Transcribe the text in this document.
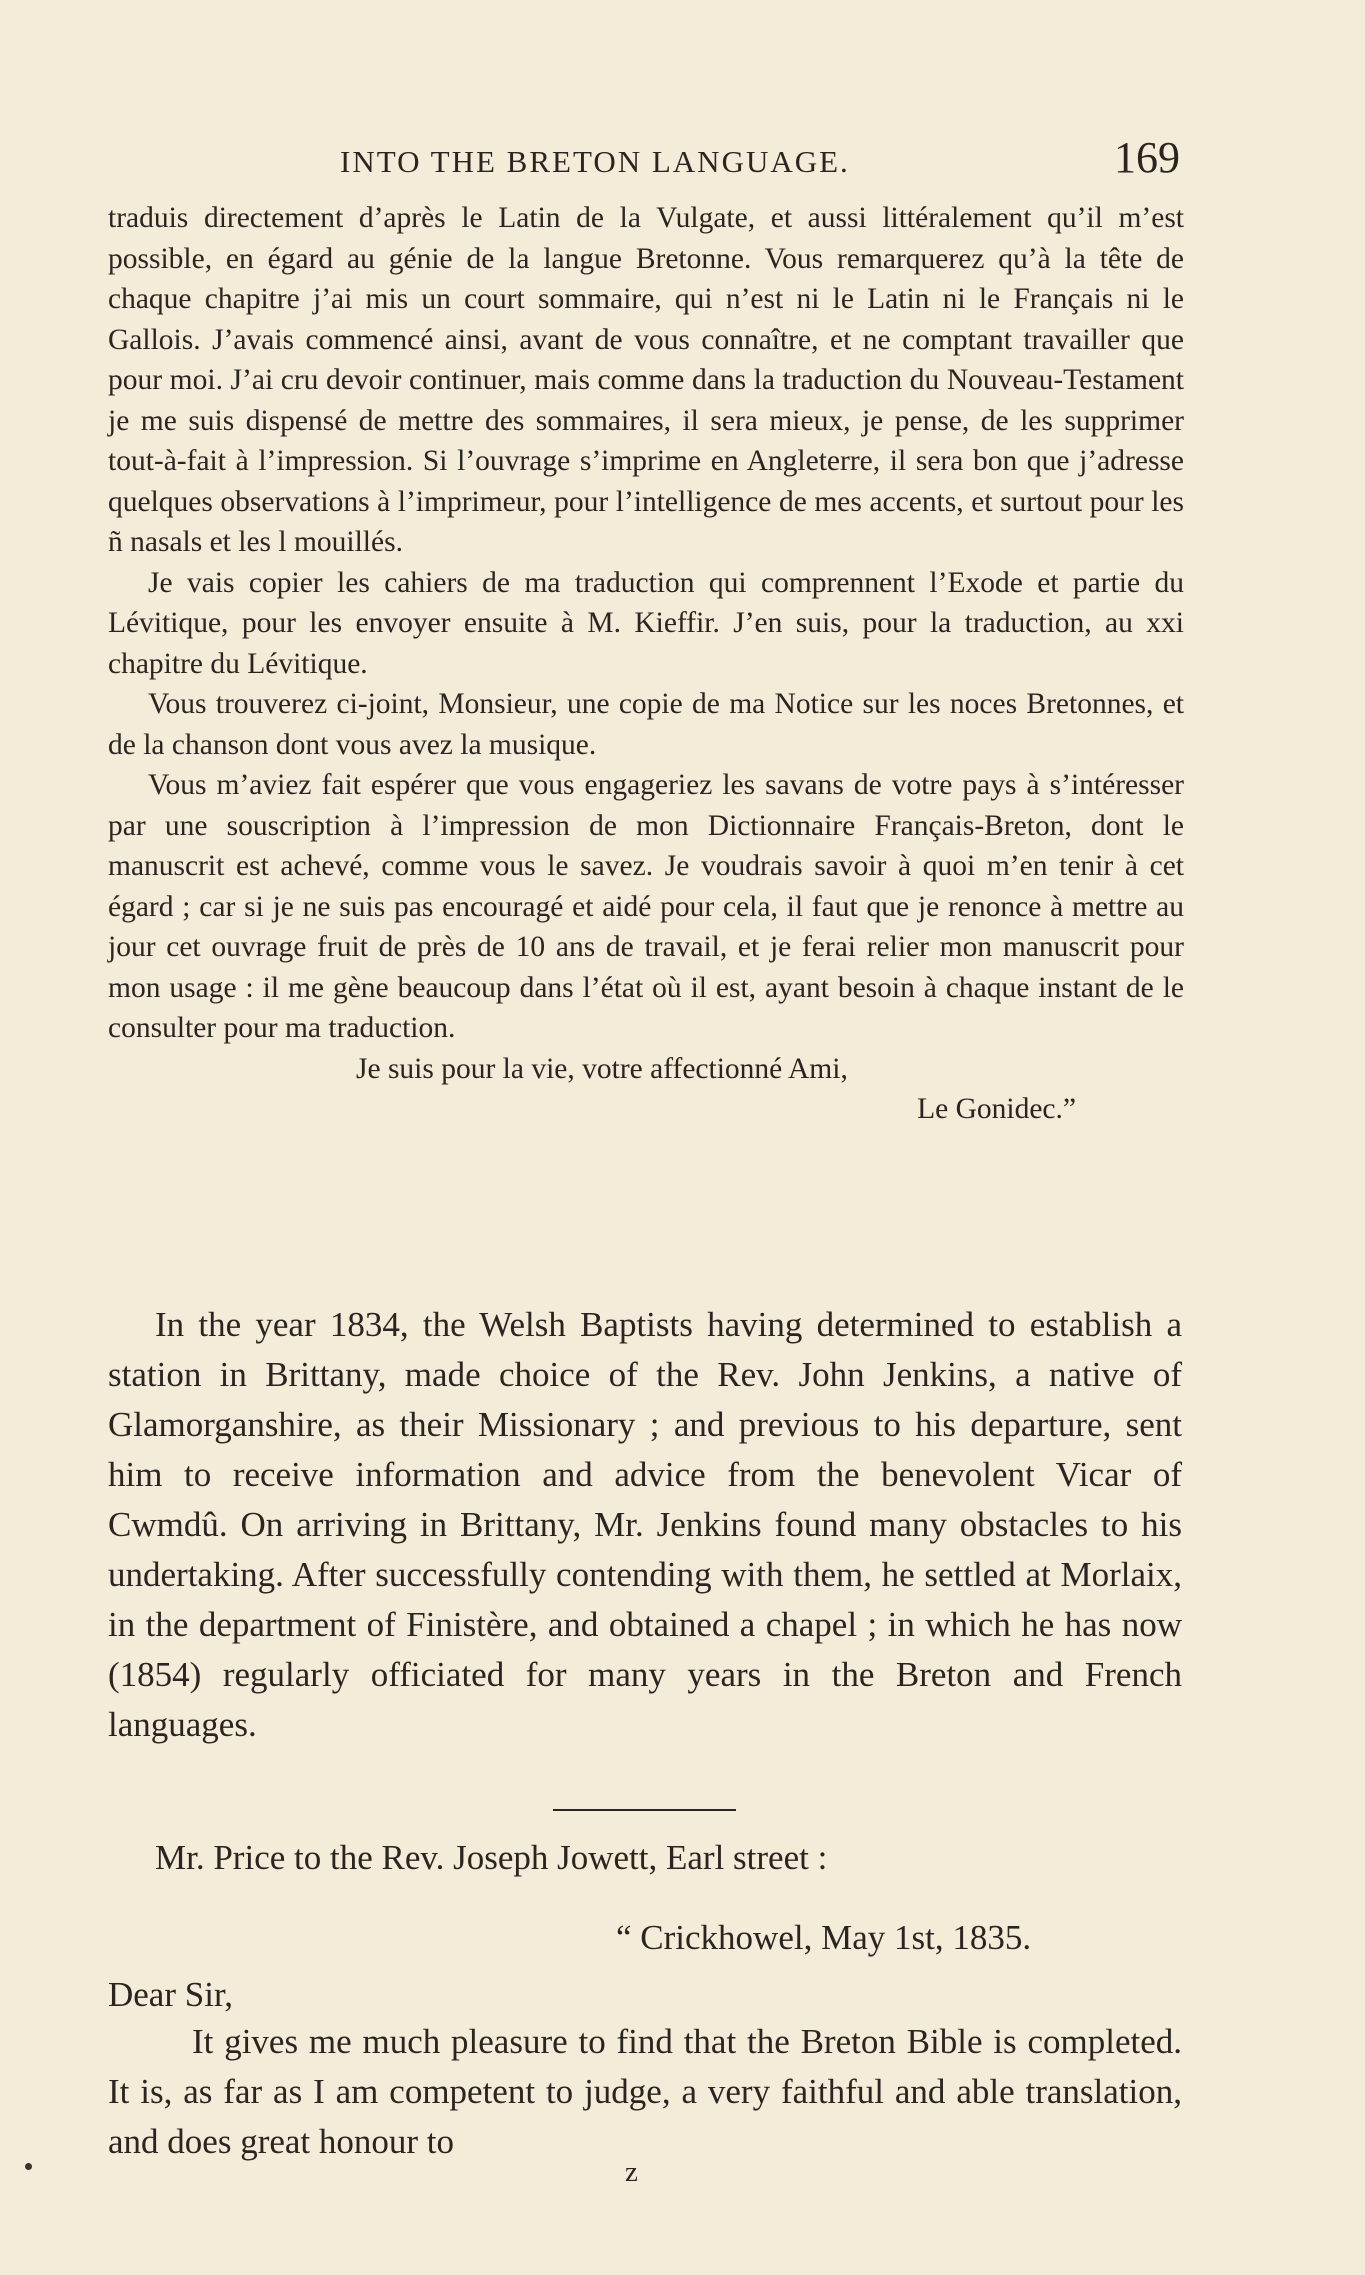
INTO THE BRETON LANGUAGE.	169

traduis directement d’après le Latin de la Vulgate, et aussi littéralement qu’il m’est possible, en égard au génie de la langue Bretonne. Vous remarquerez qu’à la tête de chaque chapitre j’ai mis un court sommaire, qui n’est ni le Latin ni le Français ni le Gallois. J’avais commencé ainsi, avant de vous connaître, et ne comptant travailler que pour moi. J’ai cru devoir continuer, mais comme dans la traduction du Nouveau-Testament je me suis dispensé de mettre des sommaires, il sera mieux, je pense, de les supprimer tout-à-fait à l’impression. Si l’ouvrage s’imprime en Angleterre, il sera bon que j’adresse quelques observations à l’imprimeur, pour l’intelligence de mes accents, et surtout pour les ñ nasals et les l mouillés.

Je vais copier les cahiers de ma traduction qui comprennent l’Exode et partie du Lévitique, pour les envoyer ensuite à M. Kieffir. J’en suis, pour la traduction, au xxi chapitre du Lévitique.

Vous trouverez ci-joint, Monsieur, une copie de ma Notice sur les noces Bretonnes, et de la chanson dont vous avez la musique.

Vous m’aviez fait espérer que vous engageriez les savans de votre pays à s’intéresser par une souscription à l’impression de mon Dictionnaire Français-Breton, dont le manuscrit est achevé, comme vous le savez. Je voudrais savoir à quoi m’en tenir à cet égard ; car si je ne suis pas encouragé et aidé pour cela, il faut que je renonce à mettre au jour cet ouvrage fruit de près de 10 ans de travail, et je ferai relier mon manuscrit pour mon usage : il me gène beaucoup dans l’état où il est, ayant besoin à chaque instant de le consulter pour ma traduction.

Je suis pour la vie, votre affectionné Ami,

Le Gonidec.”

In the year 1834, the Welsh Baptists having determined to establish a station in Brittany, made choice of the Rev. John Jenkins, a native of Glamorganshire, as their Missionary ; and previous to his departure, sent him to receive information and advice from the benevolent Vicar of Cwmdû. On arriving in Brittany, Mr. Jenkins found many obstacles to his undertaking. After successfully contending with them, he settled at Morlaix, in the department of Finistère, and obtained a chapel ; in which he has now (1854) regularly officiated for many years in the Breton and French languages.

Mr. Price to the Rev. Joseph Jowett, Earl street :
“ Crickhowel, May 1st, 1835.
Dear Sir,

It gives me much pleasure to find that the Breton Bible is completed. It is, as far as I am competent to judge, a very faithful and able translation, and does great honour to

z
